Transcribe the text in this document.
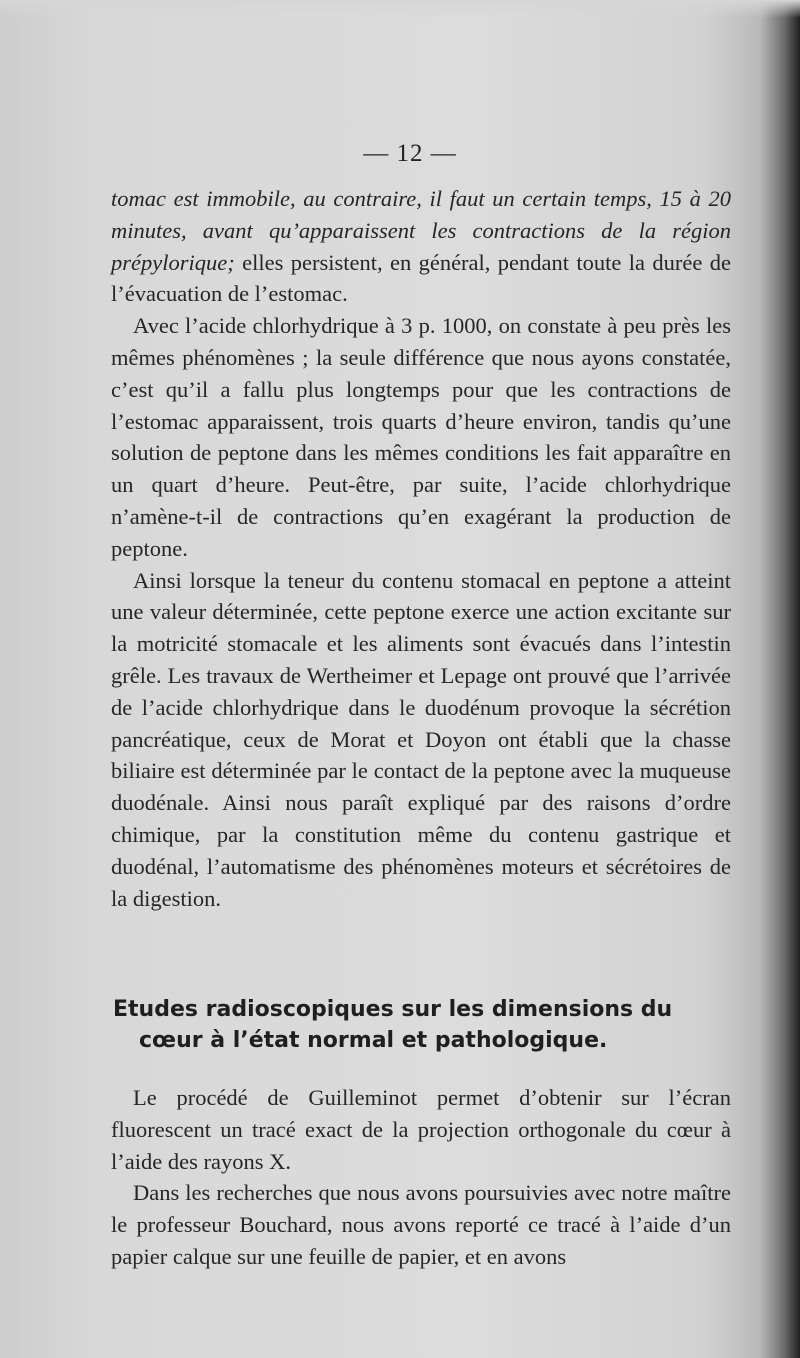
— 12 —

tomac est immobile, au contraire, il faut un certain temps, 15 à 20 minutes, avant qu’apparaissent les contractions de la région prépylorique; elles persistent, en général, pendant toute la durée de l’évacuation de l’estomac.

Avec l’acide chlorhydrique à 3 p. 1000, on constate à peu près les mêmes phénomènes ; la seule différence que nous ayons constatée, c’est qu’il a fallu plus longtemps pour que les contractions de l’estomac apparaissent, trois quarts d’heure environ, tandis qu’une solution de peptone dans les mêmes conditions les fait apparaître en un quart d’heure. Peut-être, par suite, l’acide chlorhydrique n’amène-t-il de contractions qu’en exagérant la production de peptone.

Ainsi lorsque la teneur du contenu stomacal en peptone a atteint une valeur déterminée, cette peptone exerce une action excitante sur la motricité stomacale et les aliments sont évacués dans l’intestin grêle. Les travaux de Wertheimer et Lepage ont prouvé que l’arrivée de l’acide chlorhydrique dans le duodénum provoque la sécrétion pancréatique, ceux de Morat et Doyon ont établi que la chasse biliaire est déterminée par le contact de la peptone avec la muqueuse duodénale. Ainsi nous paraît expliqué par des raisons d’ordre chimique, par la constitution même du contenu gastrique et duodénal, l’automatisme des phénomènes moteurs et sécrétoires de la digestion.

Etudes radioscopiques sur les dimensions du cœur à l’état normal et pathologique.

Le procédé de Guilleminot permet d’obtenir sur l’écran fluorescent un tracé exact de la projection orthogonale du cœur à l’aide des rayons X.

Dans les recherches que nous avons poursuivies avec notre maître le professeur Bouchard, nous avons reporté ce tracé à l’aide d’un papier calque sur une feuille de papier, et en avons
